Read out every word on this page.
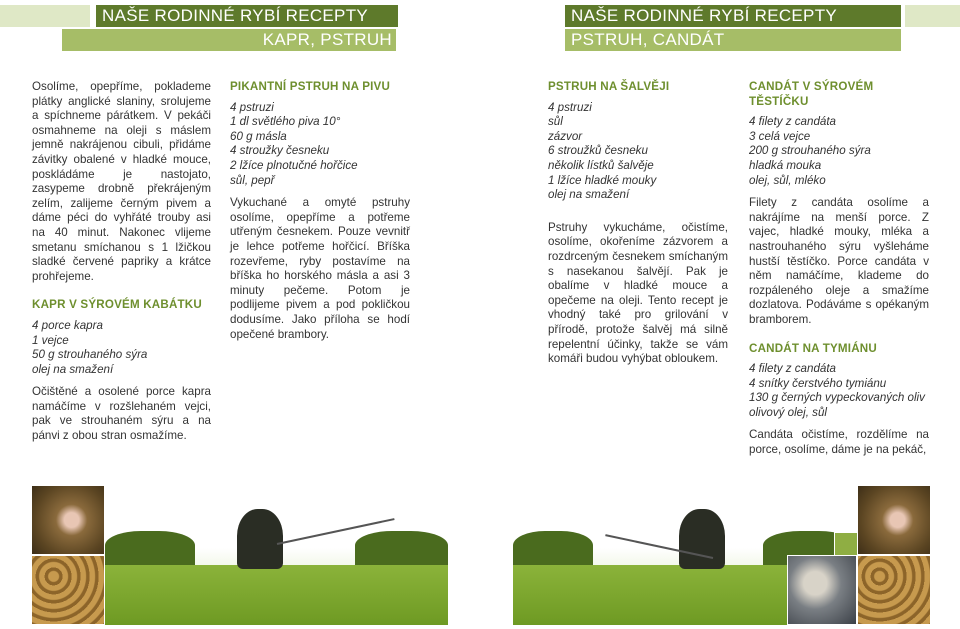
NAŠE RODINNÉ RYBÍ RECEPTY
KAPR, PSTRUH
NAŠE RODINNÉ RYBÍ RECEPTY
PSTRUH, CANDÁT

Osolíme, opepříme, poklademe plátky anglické slaniny, srolujeme a spíchneme párátkem. V pekáči osmahneme na oleji s máslem jemně nakrájenou cibuli, přidáme závitky obalené v hladké mouce, poskládáme je nastojato, zasypeme drobně překrájeným zelím, zalijeme černým pivem a dáme péci do vyhřáté trouby asi na 40 minut. Nakonec vlijeme smetanu smíchanou s 1 lžičkou sladké červené papriky a krátce prohřejeme.

KAPR V SÝROVÉM KABÁTKU
4 porce kapra
1 vejce
50 g strouhaného sýra
olej na smažení

Očištěné a osolené porce kapra namáčíme v rozšlehaném vejci, pak ve strouhaném sýru a na pánvi z obou stran osmažíme.

PIKANTNÍ PSTRUH NA PIVU
4 pstruzi
1 dl světlého piva 10°
60 g másla
4 stroužky česneku
2 lžíce plnotučné hořčice
sůl, pepř

Vykuchané a omyté pstruhy osolíme, opepříme a potřeme utřeným česnekem. Pouze vevnitř je lehce potřeme hořčicí. Bříška rozevřeme, ryby postavíme na bříška ho horského másla a asi 3 minuty pečeme. Potom je podlijeme pivem a pod pokličkou dodusíme. Jako příloha se hodí opečené brambory.

PSTRUH NA ŠALVĚJI
4 pstruzi
sůl
zázvor
6 stroužků česneku
několik lístků šalvěje
1 lžíce hladké mouky
olej na smažení

Pstruhy vykucháme, očistíme, osolíme, okořeníme zázvorem a rozdrceným česnekem smíchaným s nasekanou šalvějí. Pak je obalíme v hladké mouce a opečeme na oleji. Tento recept je vhodný také pro grilování v přírodě, protože šalvěj má silně repelentní účinky, takže se vám komáři budou vyhýbat obloukem.

CANDÁT V SÝROVÉM TĚSTÍČKU
4 filety z candáta
3 celá vejce
200 g strouhaného sýra
hladká mouka
olej, sůl, mléko

Filety z candáta osolíme a nakrájíme na menší porce. Z vajec, hladké mouky, mléka a nastrouhaného sýru vyšleháme hustší těstíčko. Porce candáta v něm namáčíme, klademe do rozpáleného oleje a smažíme dozlatova. Podáváme s opékaným bramborem.

CANDÁT NA TYMIÁNU
4 filety z candáta
4 snítky čerstvého tymiánu
130 g černých vypeckovaných oliv
olivový olej, sůl

Candáta očistíme, rozdělíme na porce, osolíme, dáme je na pekáč,
